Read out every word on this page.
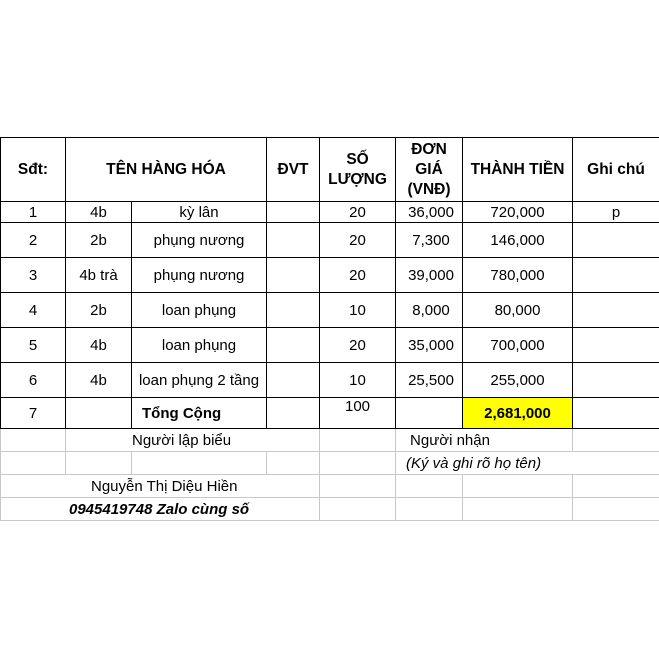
Sđt:	TÊN HÀNG HÓA		ĐVT	SỐ LƯỢNG	ĐƠN GIÁ (VNĐ)	THÀNH TIỀN	Ghi chú
1	4b	kỳ lân		20	36,000	720,000	p
2	2b	phụng nương		20	7,300	146,000	
3	4b trà	phụng nương		20	39,000	780,000	
4	2b	loan phụng		10	8,000	80,000	
5	4b	loan phụng		20	35,000	700,000	
6	4b	loan phụng 2 tầng		10	25,500	255,000	
7		Tổng Cộng		100		2,681,000	
	Người lập biểu				Người nhận		
					(Ký và ghi rõ họ tên)		
Nguyễn Thị Diệu Hiền							
0945419748 Zalo cùng số							
